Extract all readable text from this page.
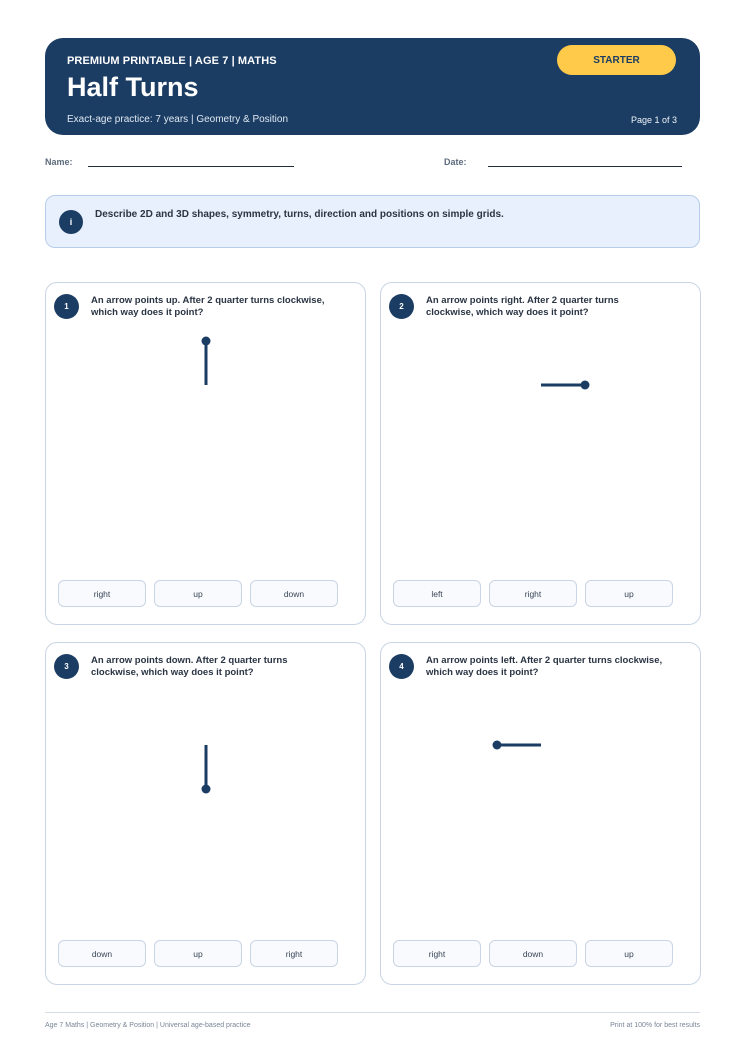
PREMIUM PRINTABLE | AGE 7 | MATHS
Half Turns
Exact-age practice: 7 years | Geometry & Position
STARTER
Page 1 of 3
Name:	Date:
i
Describe 2D and 3D shapes, symmetry, turns, direction and positions on simple grids.
1
An arrow points up. After 2 quarter turns clockwise, which way does it point?
right	up	down
2
An arrow points right. After 2 quarter turns clockwise, which way does it point?
left	right	up
3
An arrow points down. After 2 quarter turns clockwise, which way does it point?
down	up	right
4
An arrow points left. After 2 quarter turns clockwise, which way does it point?
right	down	up
Age 7 Maths | Geometry & Position | Universal age-based practice	Print at 100% for best results
